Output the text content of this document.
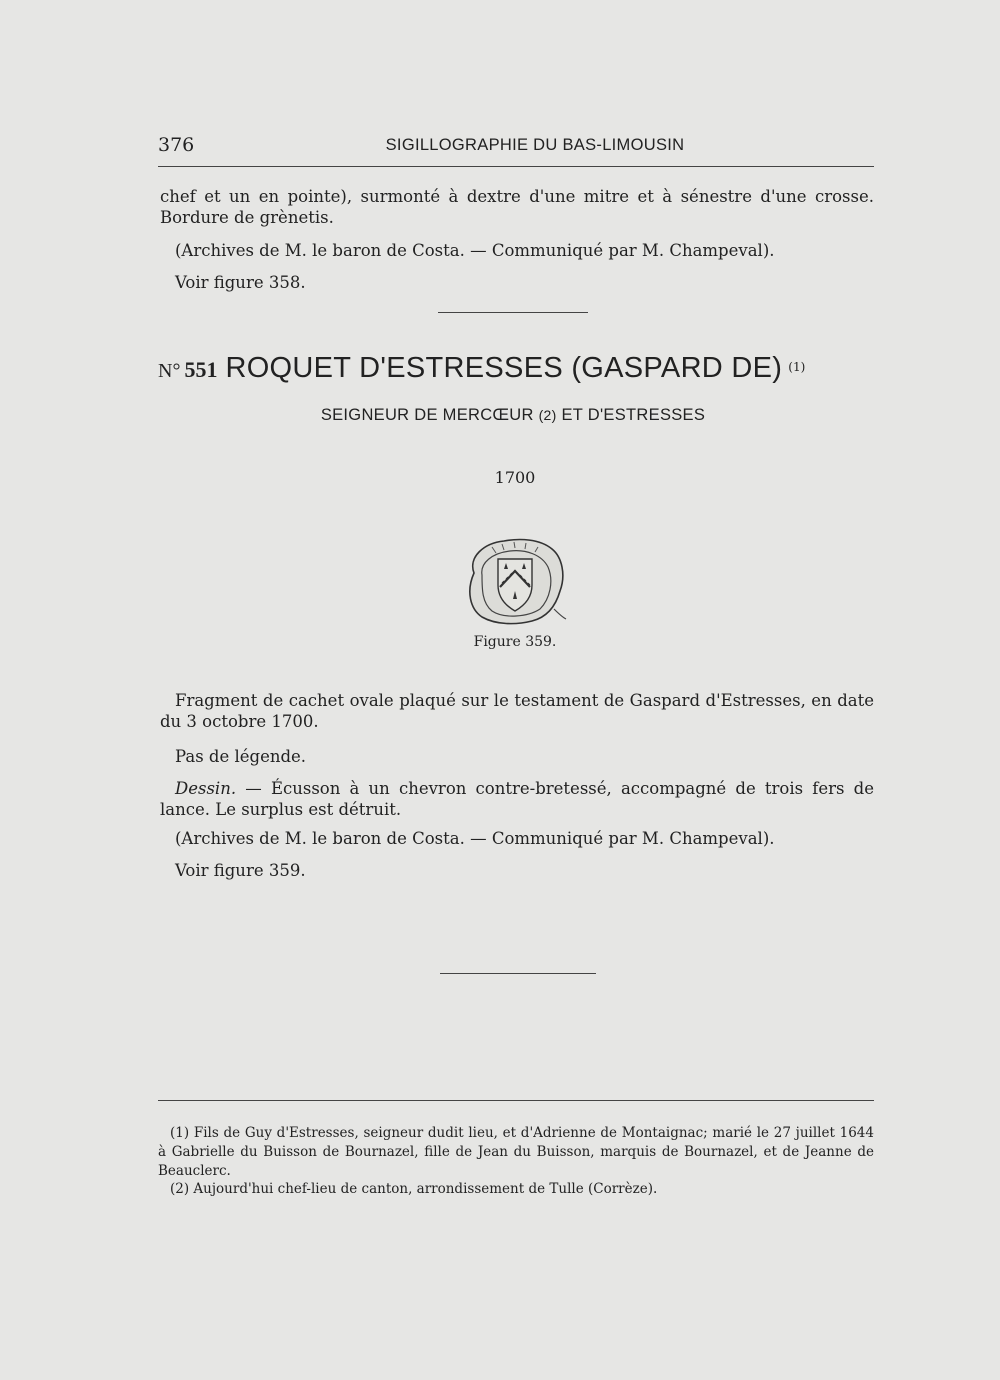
376	SIGILLOGRAPHIE DU BAS-LIMOUSIN
chef et un en pointe), surmonté à dextre d'une mitre et à sénestre d'une crosse. Bordure de grènetis.
(Archives de M. le baron de Costa. — Communiqué par M. Champeval).
Voir figure 358.
N° 551 ROQUET D'ESTRESSES (GASPARD DE) $^{(1)}$
SEIGNEUR DE MERCŒUR (2) ET D'ESTRESSES
1700
Figure 359.
Fragment de cachet ovale plaqué sur le testament de Gaspard d'Estresses, en date du 3 octobre 1700.
Pas de légende.
Dessin. — Écusson à un chevron contre-bretessé, accompagné de trois fers de lance. Le surplus est détruit.
(Archives de M. le baron de Costa. — Communiqué par M. Champeval).
Voir figure 359.
(1) Fils de Guy d'Estresses, seigneur dudit lieu, et d'Adrienne de Montaignac; marié le 27 juillet 1644 à Gabrielle du Buisson de Bournazel, fille de Jean du Buisson, marquis de Bournazel, et de Jeanne de Beauclerc.
(2) Aujourd'hui chef-lieu de canton, arrondissement de Tulle (Corrèze).
